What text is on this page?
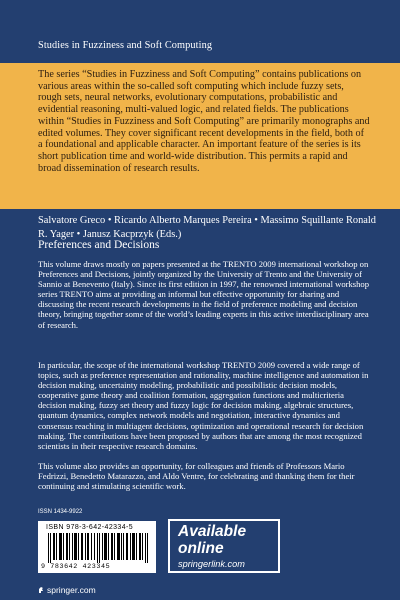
Studies in Fuzziness and Soft Computing
The series “Studies in Fuzziness and Soft Computing” contains publications on various areas within the so-called soft computing which include fuzzy sets, rough sets, neural networks, evolutionary computations, probabilistic and evidential reasoning, multi-valued logic, and related fields. The publications within “Studies in Fuzziness and Soft Computing” are primarily monographs and edited volumes. They cover significant recent developments in the field, both of a foundational and applicable character. An important feature of the series is its short publication time and world-wide distribution. This permits a rapid and broad dissemination of research results.
Salvatore Greco • Ricardo Alberto Marques Pereira • Massimo Squillante Ronald R. Yager • Janusz Kacprzyk (Eds.)
Preferences and Decisions
This volume draws mostly on papers presented at the TRENTO 2009 international workshop on Preferences and Decisions, jointly organized by the University of Trento and the University of Sannio at Benevento (Italy). Since its first edition in 1997, the renowned international workshop series TRENTO aims at providing an informal but effective opportunity for sharing and discussing the recent research developments in the field of preference modeling and decision theory, bringing together some of the world’s leading experts in this active interdisciplinary area of research.
In particular, the scope of the international workshop TRENTO 2009 covered a wide range of topics, such as preference representation and rationality, machine intelligence and automation in decision making, uncertainty modeling, probabilistic and possibilistic decision models, cooperative game theory and coalition formation, aggregation functions and multicriteria decision making, fuzzy set theory and fuzzy logic for decision making, algebraic structures, quantum dynamics, complex network models and negotiation, interactive dynamics and consensus reaching in multiagent decisions, optimization and operational research for decision making. The contributions have been proposed by authors that are among the most recognized scientists in their respective research domains.
This volume also provides an opportunity, for colleagues and friends of Professors Mario Fedrizzi, Benedetto Matarazzo, and Aldo Ventre, for celebrating and thanking them for their continuing and stimulating scientific work.
ISSN 1434-9922
ISBN 978-3-642-42334-5
9 783642 423345
Available
online
springerlink.com
springer.com
